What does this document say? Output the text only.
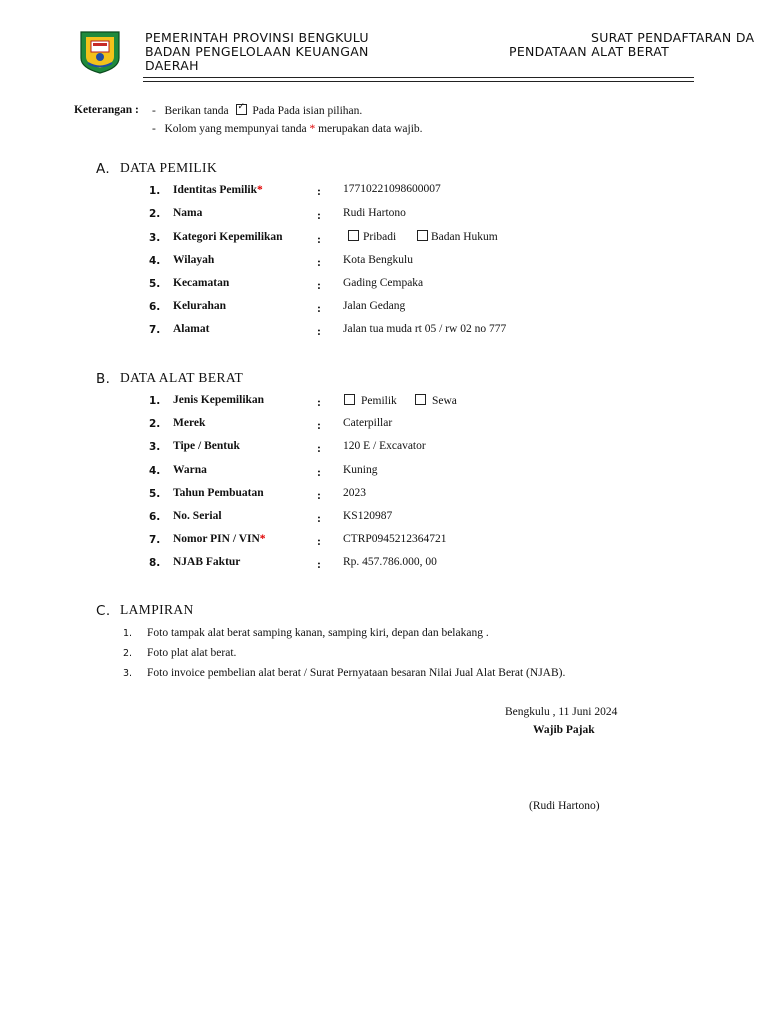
PEMERINTAH PROVINSI BENGKULU
BADAN PENGELOLAAN KEUANGAN
DAERAH
SURAT PENDAFTARAN DA
PENDATAAN ALAT BERAT
Keterangan : - Berikan tanda ✓ Pada Pada isian pilihan.
- Kolom yang mempunyai tanda * merupakan data wajib.
A. DATA PEMILIK
1. Identitas Pemilik*	: 17710221098600007
2. Nama	: Rudi Hartono
3. Kategori Kepemilikan	:	Pribadi	Badan Hukum
4. Wilayah	: Kota Bengkulu
5. Kecamatan	: Gading Cempaka
6. Kelurahan	: Jalan Gedang
7. Alamat	: Jalan tua muda rt 05 / rw 02 no 777
B. DATA ALAT BERAT
1. Jenis Kepemilikan	:	Pemilik	Sewa
2. Merek	: Caterpillar
3. Tipe / Bentuk	: 120 E / Excavator
4. Warna	: Kuning
5. Tahun Pembuatan	: 2023
6. No. Serial	: KS120987
7. Nomor PIN / VIN*	: CTRP0945212364721
8. NJAB Faktur	: Rp. 457.786.000, 00
C. LAMPIRAN
1. Foto tampak alat berat samping kanan, samping kiri, depan dan belakang .
2. Foto plat alat berat.
3. Foto invoice pembelian alat berat / Surat Pernyataan besaran Nilai Jual Alat Berat (NJAB).
Bengkulu , 11 Juni 2024
Wajib Pajak
(Rudi Hartono)
